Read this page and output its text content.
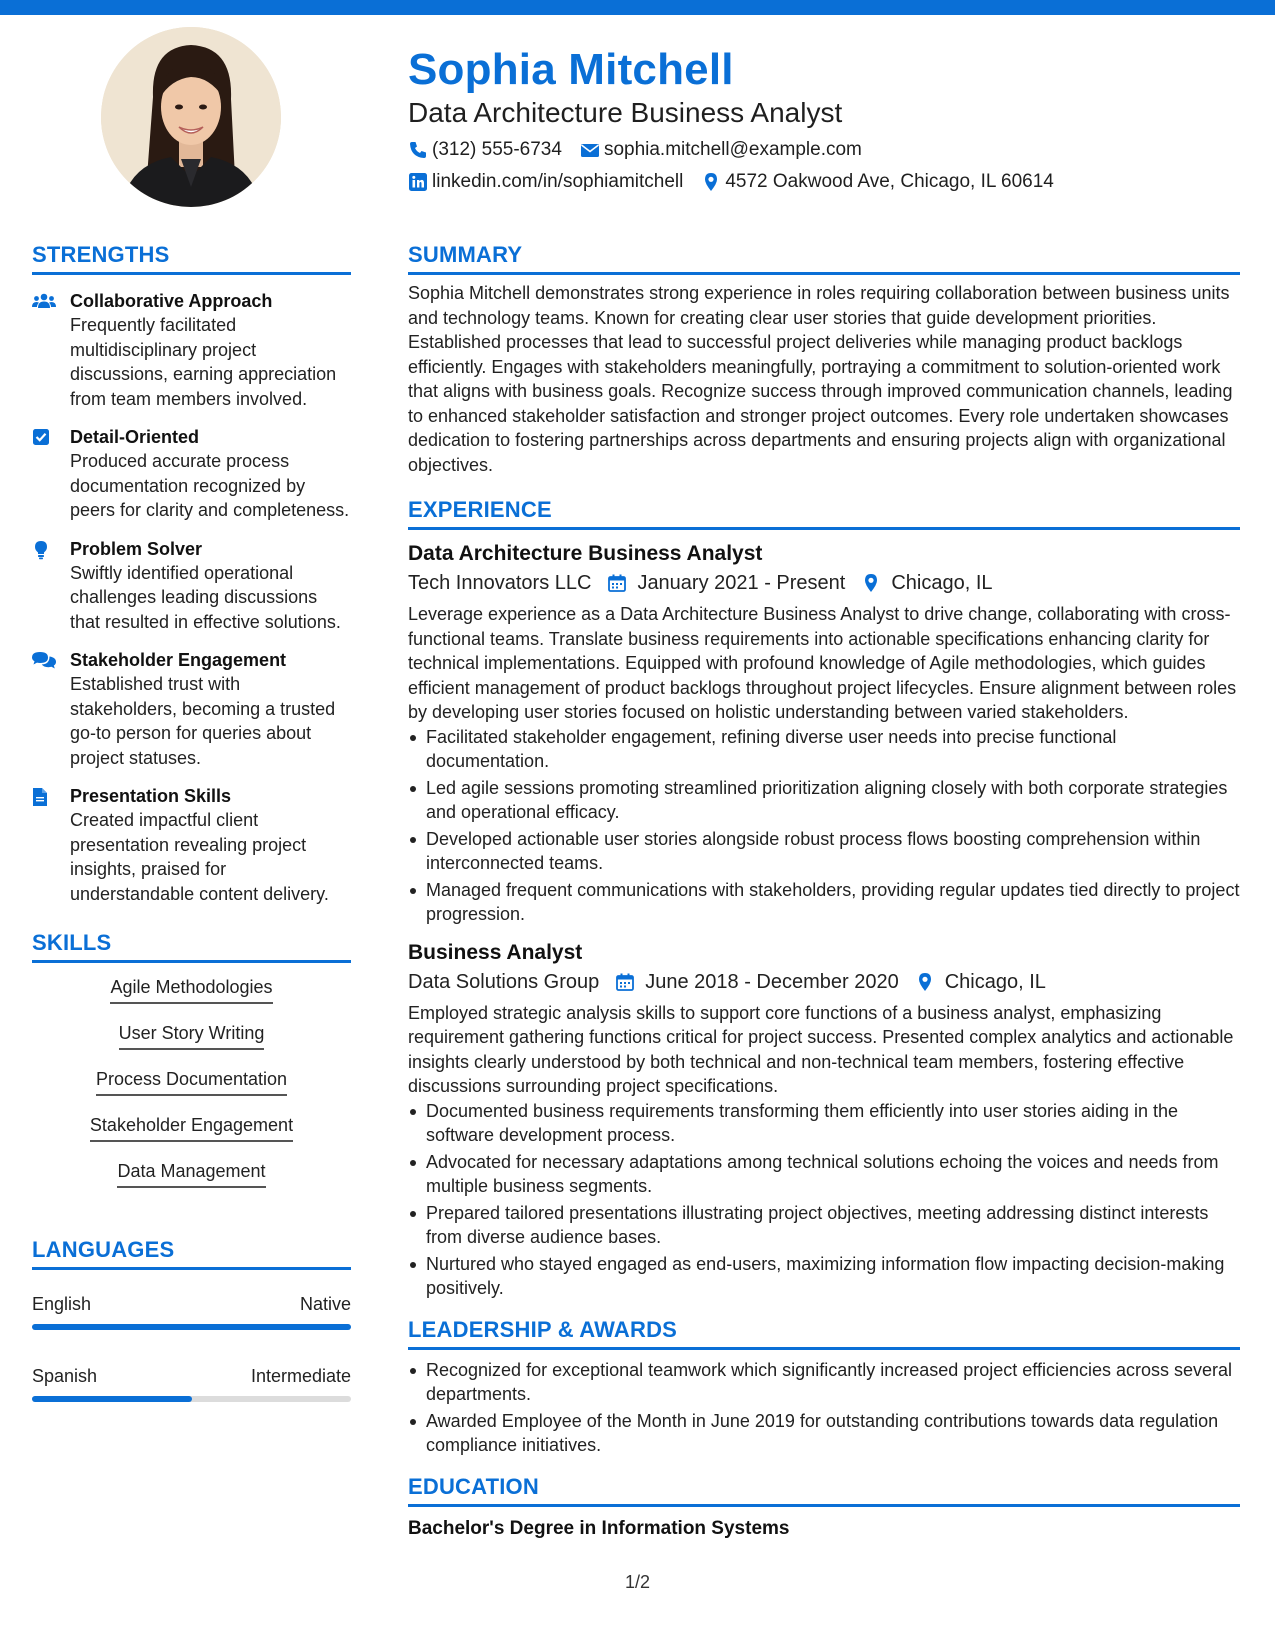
Sophia Mitchell
Data Architecture Business Analyst
(312) 555-6734 sophia.mitchell@example.com
linkedin.com/in/sophiamitchell 4572 Oakwood Ave, Chicago, IL 60614
STRENGTHS
Collaborative Approach
Frequently facilitated multidisciplinary project discussions, earning appreciation from team members involved.
Detail-Oriented
Produced accurate process documentation recognized by peers for clarity and completeness.
Problem Solver
Swiftly identified operational challenges leading discussions that resulted in effective solutions.
Stakeholder Engagement
Established trust with stakeholders, becoming a trusted go-to person for queries about project statuses.
Presentation Skills
Created impactful client presentation revealing project insights, praised for understandable content delivery.
SKILLS
Agile Methodologies
User Story Writing
Process Documentation
Stakeholder Engagement
Data Management
LANGUAGES
English	Native
Spanish	Intermediate
SUMMARY
Sophia Mitchell demonstrates strong experience in roles requiring collaboration between business units and technology teams. Known for creating clear user stories that guide development priorities. Established processes that lead to successful project deliveries while managing product backlogs efficiently. Engages with stakeholders meaningfully, portraying a commitment to solution-oriented work that aligns with business goals. Recognize success through improved communication channels, leading to enhanced stakeholder satisfaction and stronger project outcomes. Every role undertaken showcases dedication to fostering partnerships across departments and ensuring projects align with organizational objectives.
EXPERIENCE
Data Architecture Business Analyst
Tech Innovators LLC January 2021 - Present Chicago, IL
Leverage experience as a Data Architecture Business Analyst to drive change, collaborating with cross-functional teams. Translate business requirements into actionable specifications enhancing clarity for technical implementations. Equipped with profound knowledge of Agile methodologies, which guides efficient management of product backlogs throughout project lifecycles. Ensure alignment between roles by developing user stories focused on holistic understanding between varied stakeholders.
Facilitated stakeholder engagement, refining diverse user needs into precise functional documentation.
Led agile sessions promoting streamlined prioritization aligning closely with both corporate strategies and operational efficacy.
Developed actionable user stories alongside robust process flows boosting comprehension within interconnected teams.
Managed frequent communications with stakeholders, providing regular updates tied directly to project progression.
Business Analyst
Data Solutions Group June 2018 - December 2020 Chicago, IL
Employed strategic analysis skills to support core functions of a business analyst, emphasizing requirement gathering functions critical for project success. Presented complex analytics and actionable insights clearly understood by both technical and non-technical team members, fostering effective discussions surrounding project specifications.
Documented business requirements transforming them efficiently into user stories aiding in the software development process.
Advocated for necessary adaptations among technical solutions echoing the voices and needs from multiple business segments.
Prepared tailored presentations illustrating project objectives, meeting addressing distinct interests from diverse audience bases.
Nurtured who stayed engaged as end-users, maximizing information flow impacting decision-making positively.
LEADERSHIP & AWARDS
Recognized for exceptional teamwork which significantly increased project efficiencies across several departments.
Awarded Employee of the Month in June 2019 for outstanding contributions towards data regulation compliance initiatives.
EDUCATION
Bachelor's Degree in Information Systems
1/2
